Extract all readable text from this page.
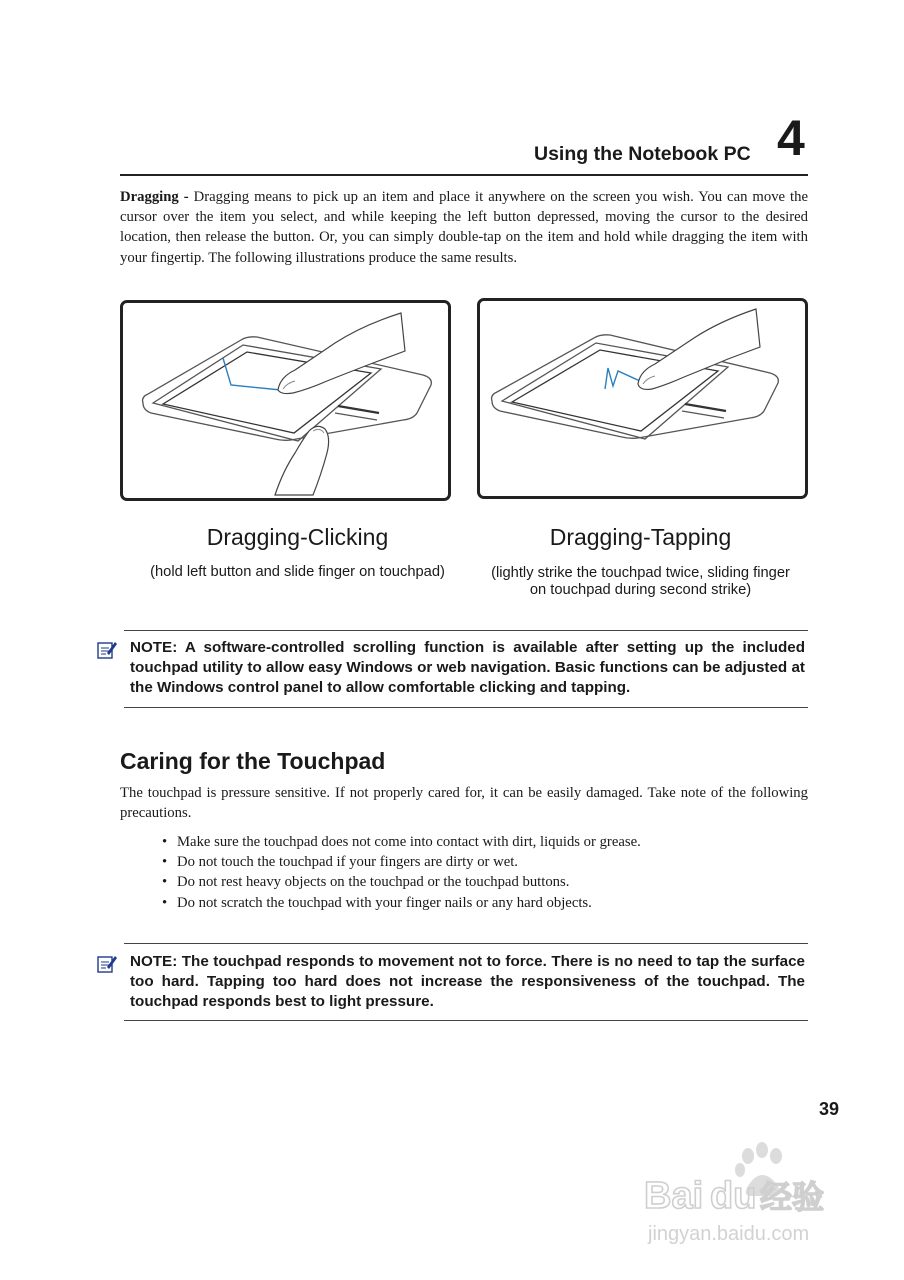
Using the Notebook PC 4
Dragging - Dragging means to pick up an item and place it anywhere on the screen you wish. You can move the cursor over the item you select, and while keeping the left button depressed, moving the cursor to the desired location, then release the button. Or, you can simply double-tap on the item and hold while dragging the item with your fingertip. The following illustrations produce the same results.
Dragging-Clicking
(hold left button and slide finger on touchpad)
Dragging-Tapping
(lightly strike the touchpad twice, sliding finger
on touchpad during second strike)
NOTE: A software-controlled scrolling function is available after setting up the included touchpad utility to allow easy Windows or web navigation. Basic functions can be adjusted at the Windows control panel to allow comfortable clicking and tapping.
Caring for the Touchpad
The touchpad is pressure sensitive. If not properly cared for, it can be easily damaged. Take note of the following precautions.
• Make sure the touchpad does not come into contact with dirt, liquids or grease.
• Do not touch the touchpad if your fingers are dirty or wet.
• Do not rest heavy objects on the touchpad or the touchpad buttons.
• Do not scratch the touchpad with your finger nails or any hard objects.
NOTE: The touchpad responds to movement not to force. There is no need to tap the surface too hard. Tapping too hard does not increase the responsiveness of the touchpad. The touchpad responds best to light pressure.
39
Bai du 经验
jingyan.baidu.com
